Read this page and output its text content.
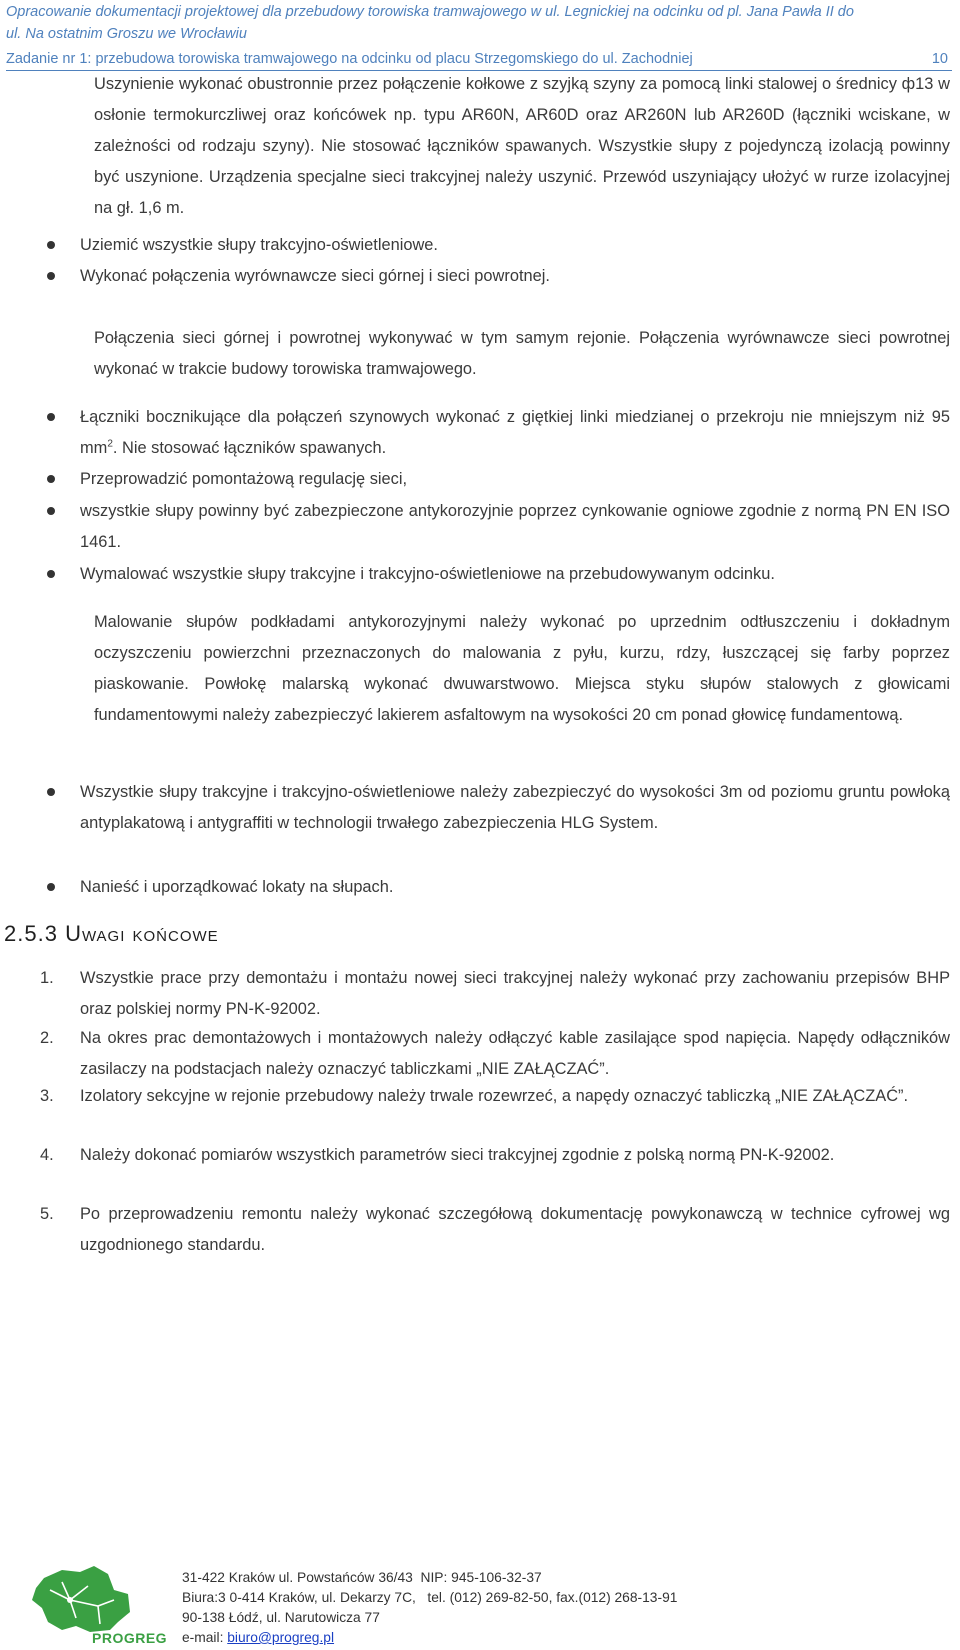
Opracowanie dokumentacji projektowej dla przebudowy torowiska tramwajowego w ul. Legnickiej na odcinku od pl. Jana Pawła II do
ul. Na ostatnim Groszu we Wrocławiu
Zadanie nr 1: przebudowa torowiska tramwajowego na odcinku od placu Strzegomskiego do ul. Zachodniej	10
Uszynienie wykonać obustronnie przez połączenie kołkowe z szyjką szyny za pomocą linki stalowej o średnicy ф13 w osłonie termokurczliwej oraz końcówek np. typu AR60N, AR60D oraz AR260N lub AR260D (łączniki wciskane, w zależności od rodzaju szyny). Nie stosować łączników spawanych. Wszystkie słupy z pojedynczą izolacją powinny być uszynione. Urządzenia specjalne sieci trakcyjnej należy uszynić. Przewód uszyniający ułożyć w rurze izolacyjnej na gł. 1,6 m.
Uziemić wszystkie słupy trakcyjno-oświetleniowe.
Wykonać połączenia wyrównawcze sieci górnej i sieci powrotnej.
Połączenia sieci górnej i powrotnej wykonywać w tym samym rejonie. Połączenia wyrównawcze sieci powrotnej wykonać w trakcie budowy torowiska tramwajowego.
Łączniki bocznikujące dla połączeń szynowych wykonać z giętkiej linki miedzianej o przekroju nie mniejszym niż 95 $mm^2$. Nie stosować łączników spawanych.
Przeprowadzić pomontażową regulację sieci,
wszystkie słupy powinny być zabezpieczone antykorozyjnie poprzez cynkowanie ogniowe zgodnie z normą PN EN ISO 1461.
Wymalować wszystkie słupy trakcyjne i trakcyjno-oświetleniowe na przebudowywanym odcinku.
Malowanie słupów podkładami antykorozyjnymi należy wykonać po uprzednim odtłuszczeniu i dokładnym oczyszczeniu powierzchni przeznaczonych do malowania z pyłu, kurzu, rdzy, łuszczącej się farby poprzez piaskowanie. Powłokę malarską wykonać dwuwarstwowo. Miejsca styku słupów stalowych z głowicami fundamentowymi należy zabezpieczyć lakierem asfaltowym na wysokości 20 cm ponad głowicę fundamentową.
Wszystkie słupy trakcyjne i trakcyjno-oświetleniowe należy zabezpieczyć do wysokości 3m od poziomu gruntu powłoką antyplakatową i antygraffiti w technologii trwałego zabezpieczenia HLG System.
Nanieść i uporządkować lokaty na słupach.
1.	Wszystkie prace przy demontażu i montażu nowej sieci trakcyjnej należy wykonać przy zachowaniu przepisów BHP oraz polskiej normy PN-K-92002.
2.	Na okres prac demontażowych i montażowych należy odłączyć kable zasilające spod napięcia. Napędy odłączników zasilaczy na podstacjach należy oznaczyć tabliczkami „NIE ZAŁĄCZAĆ”.
3.	Izolatory sekcyjne w rejonie przebudowy należy trwale rozewrzeć, a napędy oznaczyć tabliczką „NIE ZAŁĄCZAĆ”.
4.	Należy dokonać pomiarów wszystkich parametrów sieci trakcyjnej zgodnie z polską normą PN-K-92002.
5.	Po przeprowadzeniu remontu należy wykonać szczegółową dokumentację powykonawczą w technice cyfrowej wg uzgodnionego standardu.
2.5.3 Uwagi końcowe
PROGREG
31-422 Kraków ul. Powstańców 36/43  NIP: 945-106-32-37
Biura:3 0-414 Kraków, ul. Dekarzy 7C,   tel. (012) 269-82-50, fax.(012) 268-13-91
90-138 Łódź, ul. Narutowicza 77
e-mail: biuro@progreg.pl
